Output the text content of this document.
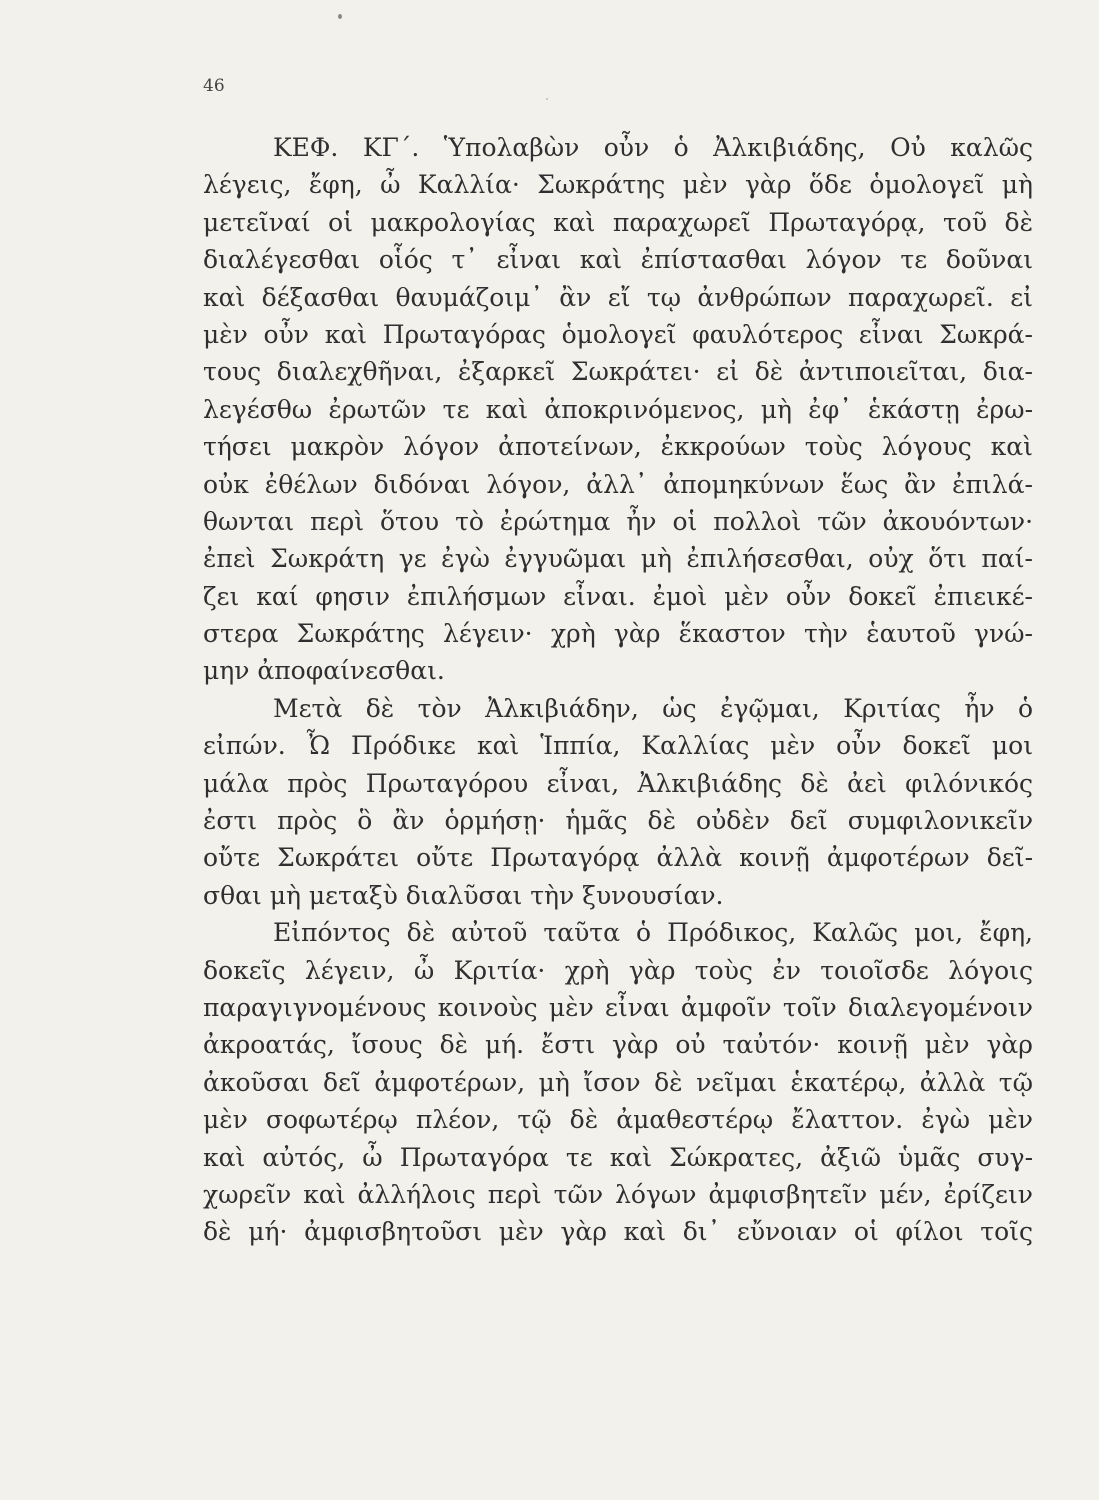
46
ΚΕΦ. ΚΓ΄. Ὑπολαβὼν οὖν ὁ Ἀλκιβιάδης, Οὐ καλῶς
λέγεις, ἔφη, ὦ Καλλία· Σωκράτης μὲν γὰρ ὅδε ὁμολογεῖ μὴ
μετεῖναί οἱ μακρολογίας καὶ παραχωρεῖ Πρωταγόρᾳ, τοῦ δὲ
διαλέγεσθαι οἷός τ᾽ εἶναι καὶ ἐπίστασθαι λόγον τε δοῦναι
καὶ δέξασθαι θαυμάζοιμ᾽ ἂν εἴ τῳ ἀνθρώπων παραχωρεῖ. εἰ
μὲν οὖν καὶ Πρωταγόρας ὁμολογεῖ φαυλότερος εἶναι Σωκρά-
τους διαλεχθῆναι, ἐξαρκεῖ Σωκράτει· εἰ δὲ ἀντιποιεῖται, δια-
λεγέσθω ἐρωτῶν τε καὶ ἀποκρινόμενος, μὴ ἐφ᾽ ἑκάστῃ ἐρω-
τήσει μακρὸν λόγον ἀποτείνων, ἐκκρούων τοὺς λόγους καὶ
οὐκ ἐθέλων διδόναι λόγον, ἀλλ᾽ ἀπομηκύνων ἕως ἂν ἐπιλά-
θωνται περὶ ὅτου τὸ ἐρώτημα ἦν οἱ πολλοὶ τῶν ἀκουόντων·
ἐπεὶ Σωκράτη γε ἐγὼ ἐγγυῶμαι μὴ ἐπιλήσεσθαι, οὐχ ὅτι παί-
ζει καί φησιν ἐπιλήσμων εἶναι. ἐμοὶ μὲν οὖν δοκεῖ ἐπιεικέ-
στερα Σωκράτης λέγειν· χρὴ γὰρ ἕκαστον τὴν ἑαυτοῦ γνώ-
μην ἀποφαίνεσθαι.
Μετὰ δὲ τὸν Ἀλκιβιάδην, ὡς ἐγῷμαι, Κριτίας ἦν ὁ
εἰπών. Ὦ Πρόδικε καὶ Ἱππία, Καλλίας μὲν οὖν δοκεῖ μοι
μάλα πρὸς Πρωταγόρου εἶναι, Ἀλκιβιάδης δὲ ἀεὶ φιλόνικός
ἐστι πρὸς ὃ ἂν ὁρμήσῃ· ἡμᾶς δὲ οὐδὲν δεῖ συμφιλονικεῖν
οὔτε Σωκράτει οὔτε Πρωταγόρᾳ ἀλλὰ κοινῇ ἀμφοτέρων δεῖ-
σθαι μὴ μεταξὺ διαλῦσαι τὴν ξυνουσίαν.
Εἰπόντος δὲ αὐτοῦ ταῦτα ὁ Πρόδικος, Καλῶς μοι, ἔφη,
δοκεῖς λέγειν, ὦ Κριτία· χρὴ γὰρ τοὺς ἐν τοιοῖσδε λόγοις
παραγιγνομένους κοινοὺς μὲν εἶναι ἀμφοῖν τοῖν διαλεγομένοιν
ἀκροατάς, ἴσους δὲ μή. ἔστι γὰρ οὐ ταὐτόν· κοινῇ μὲν γὰρ
ἀκοῦσαι δεῖ ἀμφοτέρων, μὴ ἴσον δὲ νεῖμαι ἑκατέρῳ, ἀλλὰ τῷ
μὲν σοφωτέρῳ πλέον, τῷ δὲ ἀμαθεστέρῳ ἔλαττον. ἐγὼ μὲν
καὶ αὐτός, ὦ Πρωταγόρα τε καὶ Σώκρατες, ἀξιῶ ὑμᾶς συγ-
χωρεῖν καὶ ἀλλήλοις περὶ τῶν λόγων ἀμφισβητεῖν μέν, ἐρίζειν
δὲ μή· ἀμφισβητοῦσι μὲν γὰρ καὶ δι᾽ εὔνοιαν οἱ φίλοι τοῖς
